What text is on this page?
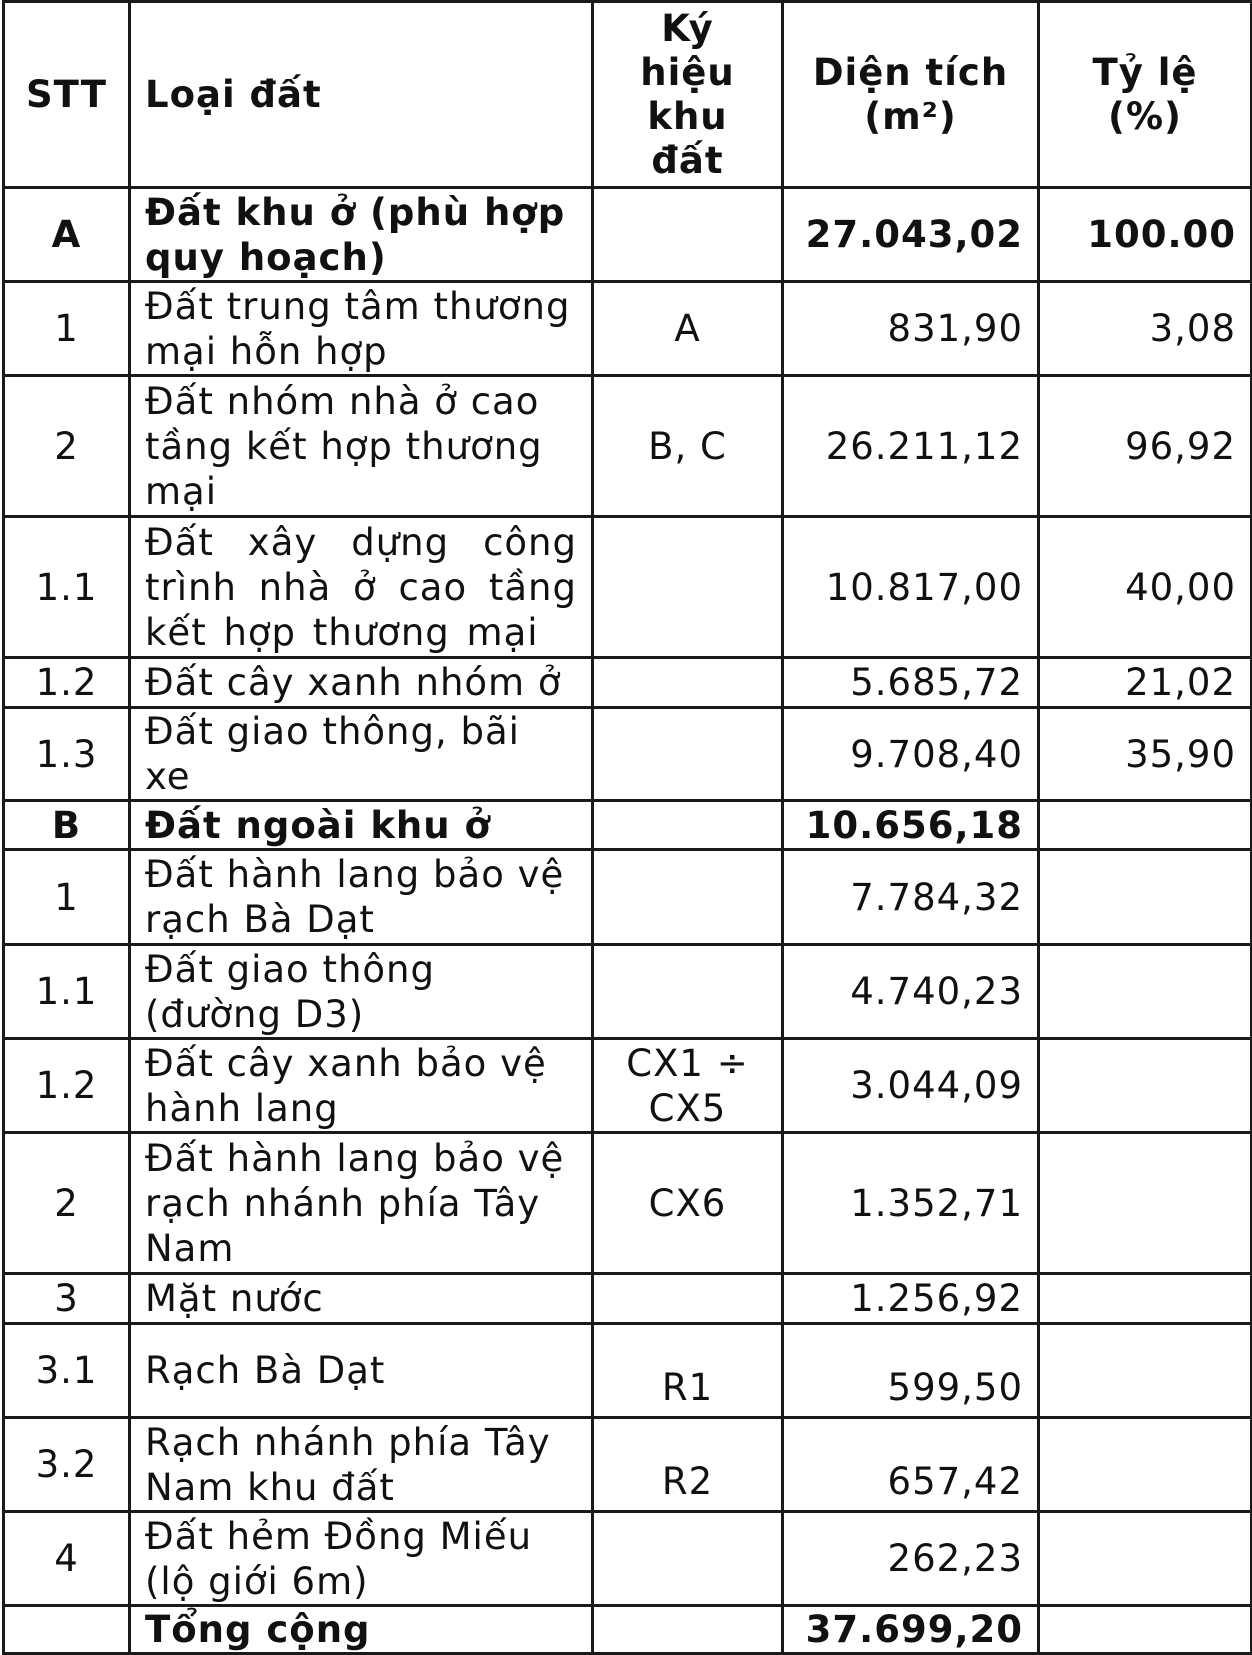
STT	Loại đất	Ký hiệu khu đất	Diện tích (m²)	Tỷ lệ (%)
A	Đất khu ở (phù hợp quy hoạch)		27.043,02	100.00
1	Đất trung tâm thương mại hỗn hợp	A	831,90	3,08
2	Đất nhóm nhà ở cao tầng kết hợp thương mại	B, C	26.211,12	96,92
1.1	Đất xây dựng công trình nhà ở cao tầng kết hợp thương mại		10.817,00	40,00
1.2	Đất cây xanh nhóm ở		5.685,72	21,02
1.3	Đất giao thông, bãi xe		9.708,40	35,90
B	Đất ngoài khu ở		10.656,18	
1	Đất hành lang bảo vệ rạch Bà Dạt		7.784,32	
1.1	Đất giao thông (đường D3)		4.740,23	
1.2	Đất cây xanh bảo vệ hành lang	CX1 ÷ CX5	3.044,09	
2	Đất hành lang bảo vệ rạch nhánh phía Tây Nam	CX6	1.352,71	
3	Mặt nước		1.256,92	
3.1	Rạch Bà Dạt	R1	599,50	
3.2	Rạch nhánh phía Tây Nam khu đất	R2	657,42	
4	Đất hẻm Đồng Miếu (lộ giới 6m)		262,23	
	Tổng cộng		37.699,20	
